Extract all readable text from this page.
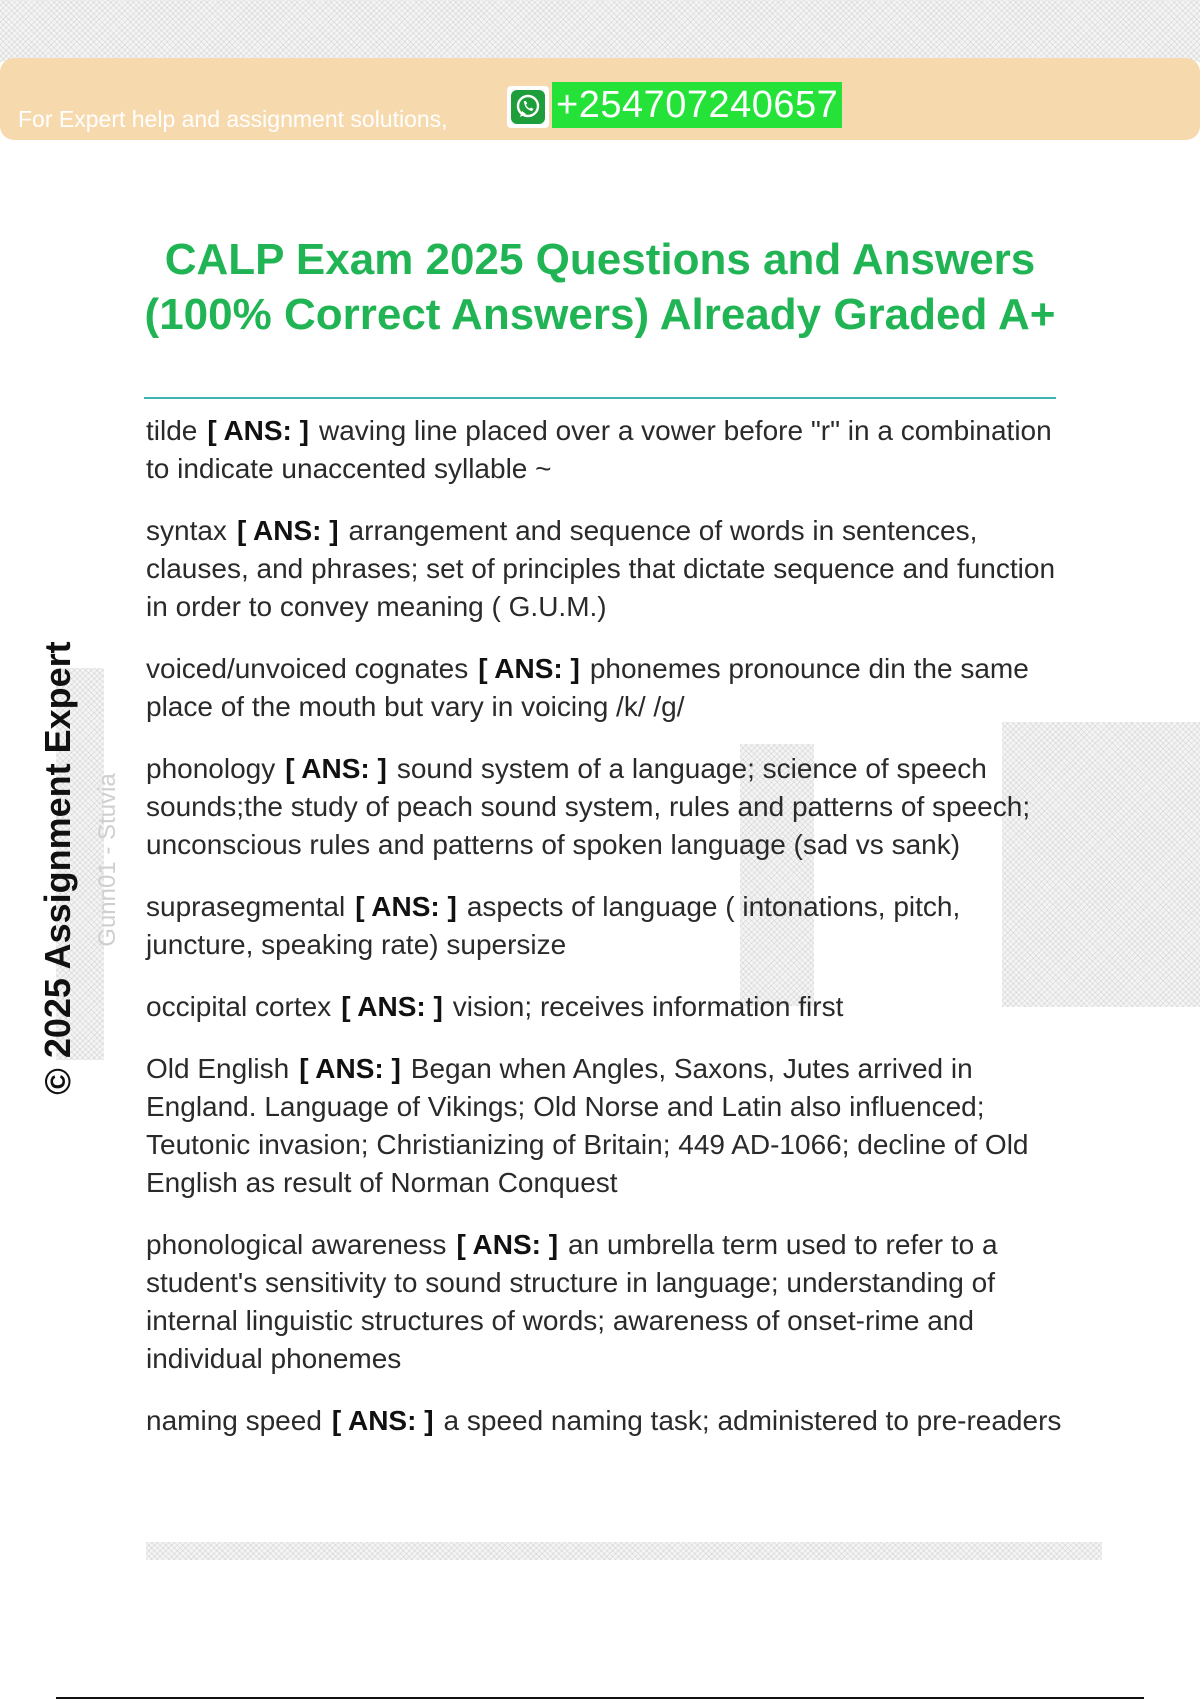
For Expert help and assignment solutions,	+254707240657
CALP Exam 2025 Questions and Answers (100% Correct Answers) Already Graded A+
© 2025 Assignment Expert Gunn01 - Stuvia
tilde [ ANS: ] waving line placed over a vower before "r" in a combination to indicate unaccented syllable ~
syntax [ ANS: ] arrangement and sequence of words in sentences, clauses, and phrases; set of principles that dictate sequence and function in order to convey meaning ( G.U.M.)
voiced/unvoiced cognates [ ANS: ] phonemes pronounce din the same place of the mouth but vary in voicing /k/ /g/
phonology [ ANS: ] sound system of a language; science of speech sounds;the study of peach sound system, rules and patterns of speech; unconscious rules and patterns of spoken language (sad vs sank)
suprasegmental [ ANS: ] aspects of language ( intonations, pitch, juncture, speaking rate) supersize
occipital cortex [ ANS: ] vision; receives information first
Old English [ ANS: ] Began when Angles, Saxons, Jutes arrived in England. Language of Vikings; Old Norse and Latin also influenced; Teutonic invasion; Christianizing of Britain; 449 AD-1066; decline of Old English as result of Norman Conquest
phonological awareness [ ANS: ] an umbrella term used to refer to a student's sensitivity to sound structure in language; understanding of internal linguistic structures of words; awareness of onset-rime and individual phonemes
naming speed [ ANS: ] a speed naming task; administered to pre-readers
